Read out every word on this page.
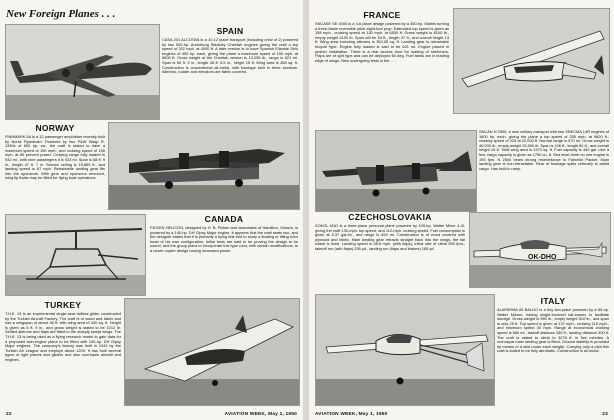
New Foreign Planes . . .
SPAIN
CASA 201 ALCOTAN is a 10-12 place transport (including crew of 2) powered by two 500-hp. Armstrong Siddeley Cheetah engines giving the craft a top speed of 202 mph. at 4000 ft. A later version is to have Spanish Elizalde Sirio engines of 450 hp. each, giving the plane a maximum speed of 190 mph. at 6600 ft. Gross weight of the Cheetah version is 13,255 lb., range is 621 mi. Span is 60 ft. 9 in., length 45 ft. 5.5 in., height 15 ft. Wing area is 458 sq. ft. Construction is conventional all-metal, with fuselage built in three sections. Ailerons, rudder and elevators are fabric covered.
NORWAY
FINNMARK 5A is a 12-passenger amphibian recently built by Norsk Flyindustri. Powered by two P&W Wasp R-1340s of 600 hp. ea., the craft is stated to have a maximum speed of 190 mph., and cruising speed of 156 mph. at 65 percent power. Cruising range fully loaded is 932 mi., with nine passengers it is 933 mi. Span is 58 ft. 9 in., length 47 ft. 7 in. Service ceiling is 19,685 ft., and landing speed is 67 mph. Retractable landing gear fits into the sponsons. With gear and sponsons removed, wing tip floats may be fitted for flying boat operations.
CANADA
PICKEN HELICON, designed by H. B. Picken and associates of Hamilton, Ontario, is powered by a 140-hp. DH Gipsy Major engine. It appears that the craft seats two, and the designer states that it is primarily a flying test bed to study a floating or tilting rotor head of his own configuration. Initial tests are said to be proving the design to be sound, and the group plans to incorporate this type rotor, with certain modifications, to a newer copter design having increased power.
TURKEY
T.H.K. 13 is an experimental single-seat tailless glider constructed by the Turkish Aircraft Factory. The craft is of wood and fabric and has a wingspan of about 46 ft. with wing area of 430 sq. ft. Height is given as 6 ft. 9 in., and gross weight is stated to be 1012 lb. Slotted ailerons and flaps are fitted to the sharply swept wings. The T.H.K. 13 is being used as a flying research model to gain data for a proposed twin-engine plane to be fitted with 140-hp. DH Gipsy Major engines. The company's factory was built in 1941 by the Turkish Air League and employs about 1200. It has built several types of light planes and gliders and also overhauls aircraft and engines.
22	AVIATION WEEK, May 1, 1950
FRANCE
SNCASE SE 4000 is a 4-6 place design powered by a 450-hp. Mathis turning a three-blade reversible pitch eight-foot prop. Estimated top speed is given as 158 mph., cruising speed at 130 mph. at 6500 ft. Gross weight is 6100 lb., empty weight 4100 lb. Span will be 54 ft., length 37 ft., and overall height 13 ft. Wing area including ailerons is 354.05 sq. ft. Landing gear is retractable tricycle type. Engine fully loaded is said to be 621 mi. Engine placed in pusher installation. There is a rear access door for loading of stretchers. Flaps are of split type and can be deployed 60 deg. Fuel tanks are in leading edge of wings. New undergoing tests in the . . .
SNCAN N 2500, a new military transport with two SNECMA 14R engines of 1600 hp. each, giving the plane a top speed of 255 mph. at 9600 ft., cruising speed of 225 at 20,000 ft. Normal range is 970 mi. Gross weight is 40,000 lb., empty weight 25,500 lb. Span is 106 ft., length 81 ft., and overall height 19 ft. Total wing area is 1370 sq. ft. Fuel capacity is 440 gal. Like a few, cargo capacity is given as 1750 cu. ft. Sea level climb on one engine is 195 fpm. N 2500 bears strong resemblance to Fairchild Packet. Main landing gear is non-retractable. Rear of fuselage splits vertically to admit cargo. Has built-in ramp.
CZECHOSLOVAKIA
SOKOL M1D is a three-place personal plane powered by 105-hp. Walter Minor 4-III, giving the craft 130-mph. top speed, and 112-mph. cruising speed. Fuel consumption is given at 5.37 gal./hr., and range is 620 mi. Construction is of wood covered with plywood and fabric. Main landing gear retracts straight back into the wings, the tail wheel is fixed. Landing speed is 48.6 mph. (with flaps), initial rate of climb 590 fpm., takeoff run (with flaps) 295 yd., landing run (flaps and brakes) 165 yd.
OK-DHO
ITALY
ALAPARMA 65 BALDO is a tiny two-place powered by a 65-hp. Walter Mikron, having single-boomed tail-booms to facilitate storage. Gross weight is 950 lb., empty weight 510 lb., and span is only 25 ft. Top speed is given at 137 mph., cruising 115 mph., and minimum speed 40 mph. Range at economical cruising speed is 560 mi., takeoff distance 330 ft., landing distance 300 ft. The craft is stated to climb to 3278 ft. in five minutes. A monospar main landing gear is fitted. Ground stability is provided by means of a skid under each wingtip. Carrying only a pilot this craft is stated to be fully aerobatic. Construction is all-wood.
AVIATION WEEK, May 1, 1950	23
